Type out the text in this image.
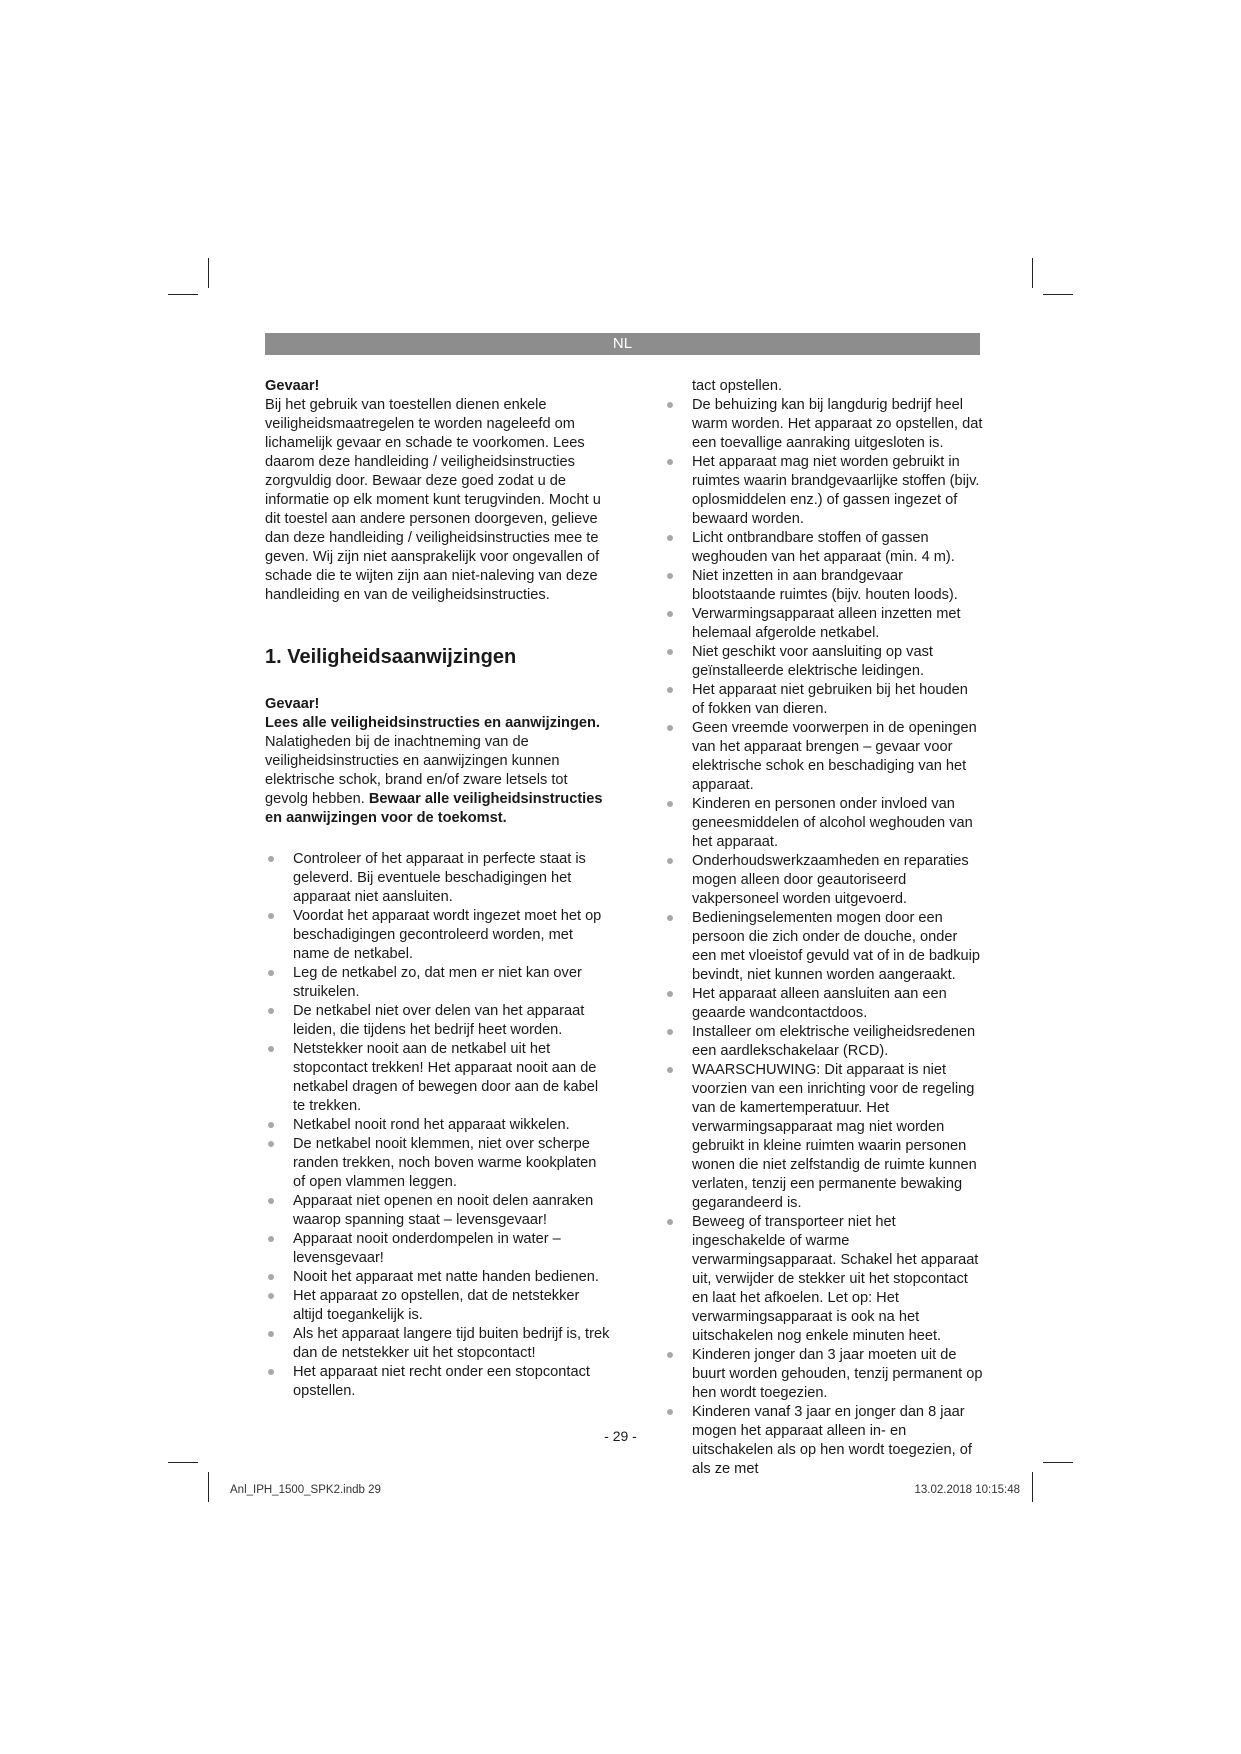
NL

Gevaar!

Bij het gebruik van toestellen dienen enkele veiligheidsmaatregelen te worden nageleefd om lichamelijk gevaar en schade te voorkomen. Lees daarom deze handleiding / veiligheidsinstructies zorgvuldig door. Bewaar deze goed zodat u de informatie op elk moment kunt terugvinden. Mocht u dit toestel aan andere personen doorgeven, gelieve dan deze handleiding / veiligheidsinstructies mee te geven. Wij zijn niet aansprakelijk voor ongevallen of schade die te wijten zijn aan niet-naleving van deze handleiding en van de veiligheidsinstructies.

1. Veiligheidsaanwijzingen

Gevaar!

Lees alle veiligheidsinstructies en aanwijzingen. Nalatigheden bij de inachtneming van de veiligheidsinstructies en aanwijzingen kunnen elektrische schok, brand en/of zware letsels tot gevolg hebben. Bewaar alle veiligheidsinstructies en aanwijzingen voor de toekomst.

Controleer of het apparaat in perfecte staat is geleverd. Bij eventuele beschadigingen het apparaat niet aansluiten.
Voordat het apparaat wordt ingezet moet het op beschadigingen gecontroleerd worden, met name de netkabel.
Leg de netkabel zo, dat men er niet kan over struikelen.
De netkabel niet over delen van het apparaat leiden, die tijdens het bedrijf heet worden.
Netstekker nooit aan de netkabel uit het stopcontact trekken! Het apparaat nooit aan de netkabel dragen of bewegen door aan de kabel te trekken.
Netkabel nooit rond het apparaat wikkelen.
De netkabel nooit klemmen, niet over scherpe randen trekken, noch boven warme kookplaten of open vlammen leggen.
Apparaat niet openen en nooit delen aanraken waarop spanning staat – levensgevaar!
Apparaat nooit onderdompelen in water – levensgevaar!
Nooit het apparaat met natte handen bedienen.
Het apparaat zo opstellen, dat de netstekker altijd toegankelijk is.
Als het apparaat langere tijd buiten bedrijf is, trek dan de netstekker uit het stopcontact!
Het apparaat niet recht onder een stopcontact opstellen.

tact opstellen.

De behuizing kan bij langdurig bedrijf heel warm worden. Het apparaat zo opstellen, dat een toevallige aanraking uitgesloten is.
Het apparaat mag niet worden gebruikt in ruimtes waarin brandgevaarlijke stoffen (bijv. oplosmiddelen enz.) of gassen ingezet of bewaard worden.
Licht ontbrandbare stoffen of gassen weghouden van het apparaat (min. 4 m).
Niet inzetten in aan brandgevaar blootstaande ruimtes (bijv. houten loods).
Verwarmingsapparaat alleen inzetten met helemaal afgerolde netkabel.
Niet geschikt voor aansluiting op vast geïnstalleerde elektrische leidingen.
Het apparaat niet gebruiken bij het houden of fokken van dieren.
Geen vreemde voorwerpen in de openingen van het apparaat brengen – gevaar voor elektrische schok en beschadiging van het apparaat.
Kinderen en personen onder invloed van geneesmiddelen of alcohol weghouden van het apparaat.
Onderhoudswerkzaamheden en reparaties mogen alleen door geautoriseerd vakpersoneel worden uitgevoerd.
Bedieningselementen mogen door een persoon die zich onder de douche, onder een met vloeistof gevuld vat of in de badkuip bevindt, niet kunnen worden aangeraakt.
Het apparaat alleen aansluiten aan een geaarde wandcontactdoos.
Installeer om elektrische veiligheidsredenen een aardlekschakelaar (RCD).
WAARSCHUWING: Dit apparaat is niet voorzien van een inrichting voor de regeling van de kamertemperatuur. Het verwarmingsapparaat mag niet worden gebruikt in kleine ruimten waarin personen wonen die niet zelfstandig de ruimte kunnen verlaten, tenzij een permanente bewaking gegarandeerd is.
Beweeg of transporteer niet het ingeschakelde of warme verwarmingsapparaat. Schakel het apparaat uit, verwijder de stekker uit het stopcontact en laat het afkoelen. Let op: Het verwarmingsapparaat is ook na het uitschakelen nog enkele minuten heet.
Kinderen jonger dan 3 jaar moeten uit de buurt worden gehouden, tenzij permanent op hen wordt toegezien.
Kinderen vanaf 3 jaar en jonger dan 8 jaar mogen het apparaat alleen in- en uitschakelen als op hen wordt toegezien, of als ze met
- 29 -
Anl_IPH_1500_SPK2.indb 29	13.02.2018 10:15:48
